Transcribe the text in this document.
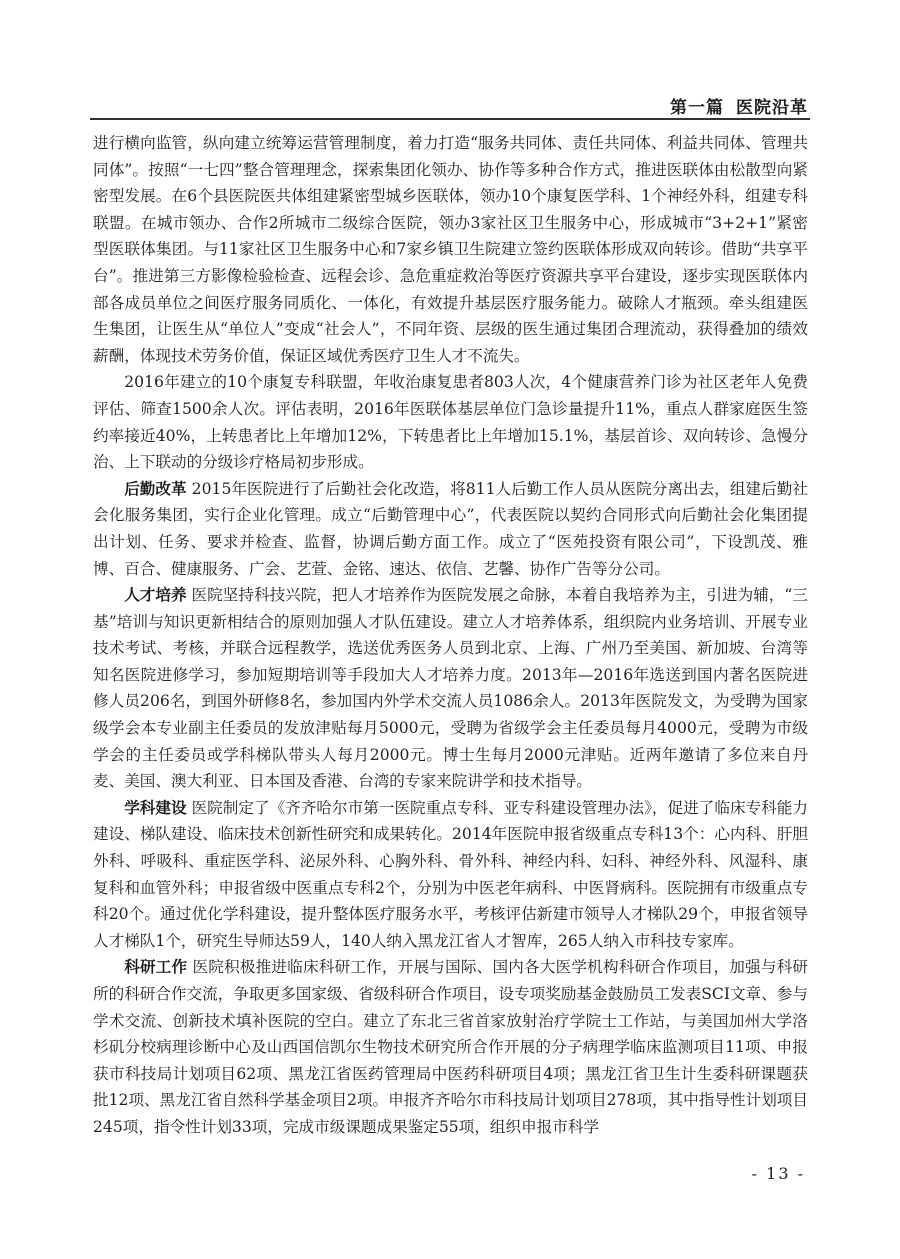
第一篇 医院沿革

进行横向监管，纵向建立统筹运营管理制度，着力打造“服务共同体、责任共同体、利益共同体、管理共同体”。按照“一七四”整合管理理念，探索集团化领办、协作等多种合作方式，推进医联体由松散型向紧密型发展。在6个县医院医共体组建紧密型城乡医联体，领办10个康复医学科、1个神经外科，组建专科联盟。在城市领办、合作2所城市二级综合医院，领办3家社区卫生服务中心，形成城市“3+2+1”紧密型医联体集团。与11家社区卫生服务中心和7家乡镇卫生院建立签约医联体形成双向转诊。借助“共享平台”。推进第三方影像检验检查、远程会诊、急危重症救治等医疗资源共享平台建设，逐步实现医联体内部各成员单位之间医疗服务同质化、一体化，有效提升基层医疗服务能力。破除人才瓶颈。牵头组建医生集团，让医生从“单位人”变成“社会人”，不同年资、层级的医生通过集团合理流动，获得叠加的绩效薪酬，体现技术劳务价值，保证区域优秀医疗卫生人才不流失。

2016年建立的10个康复专科联盟，年收治康复患者803人次，4个健康营养门诊为社区老年人免费评估、筛查1500余人次。评估表明，2016年医联体基层单位门急诊量提升11%，重点人群家庭医生签约率接近40%，上转患者比上年增加12%，下转患者比上年增加15.1%，基层首诊、双向转诊、急慢分治、上下联动的分级诊疗格局初步形成。

后勤改革 2015年医院进行了后勤社会化改造，将811人后勤工作人员从医院分离出去，组建后勤社会化服务集团，实行企业化管理。成立“后勤管理中心”，代表医院以契约合同形式向后勤社会化集团提出计划、任务、要求并检查、监督，协调后勤方面工作。成立了“医苑投资有限公司”，下设凯茂、雅博、百合、健康服务、广会、艺萱、金铭、速达、依信、艺馨、协作广告等分公司。

人才培养 医院坚持科技兴院，把人才培养作为医院发展之命脉，本着自我培养为主，引进为辅，“三基”培训与知识更新相结合的原则加强人才队伍建设。建立人才培养体系，组织院内业务培训、开展专业技术考试、考核，并联合远程教学，选送优秀医务人员到北京、上海、广州乃至美国、新加坡、台湾等知名医院进修学习，参加短期培训等手段加大人才培养力度。2013年—2016年选送到国内著名医院进修人员206名，到国外研修8名，参加国内外学术交流人员1086余人。2013年医院发文，为受聘为国家级学会本专业副主任委员的发放津贴每月5000元，受聘为省级学会主任委员每月4000元，受聘为市级学会的主任委员或学科梯队带头人每月2000元。博士生每月2000元津贴。近两年邀请了多位来自丹麦、美国、澳大利亚、日本国及香港、台湾的专家来院讲学和技术指导。

学科建设 医院制定了《齐齐哈尔市第一医院重点专科、亚专科建设管理办法》，促进了临床专科能力建设、梯队建设、临床技术创新性研究和成果转化。2014年医院申报省级重点专科13个：心内科、肝胆外科、呼吸科、重症医学科、泌尿外科、心胸外科、骨外科、神经内科、妇科、神经外科、风湿科、康复科和血管外科；申报省级中医重点专科2个，分别为中医老年病科、中医肾病科。医院拥有市级重点专科20个。通过优化学科建设，提升整体医疗服务水平，考核评估新建市领导人才梯队29个，申报省领导人才梯队1个，研究生导师达59人，140人纳入黑龙江省人才智库，265人纳入市科技专家库。

科研工作 医院积极推进临床科研工作，开展与国际、国内各大医学机构科研合作项目，加强与科研所的科研合作交流，争取更多国家级、省级科研合作项目，设专项奖励基金鼓励员工发表SCI文章、参与学术交流、创新技术填补医院的空白。建立了东北三省首家放射治疗学院士工作站，与美国加州大学洛杉矶分校病理诊断中心及山西国信凯尔生物技术研究所合作开展的分子病理学临床监测项目11项、申报获市科技局计划项目62项、黑龙江省医药管理局中医药科研项目4项；黑龙江省卫生计生委科研课题获批12项、黑龙江省自然科学基金项目2项。申报齐齐哈尔市科技局计划项目278项，其中指导性计划项目245项，指令性计划33项，完成市级课题成果鉴定55项，组织申报市科学

- 13 -
